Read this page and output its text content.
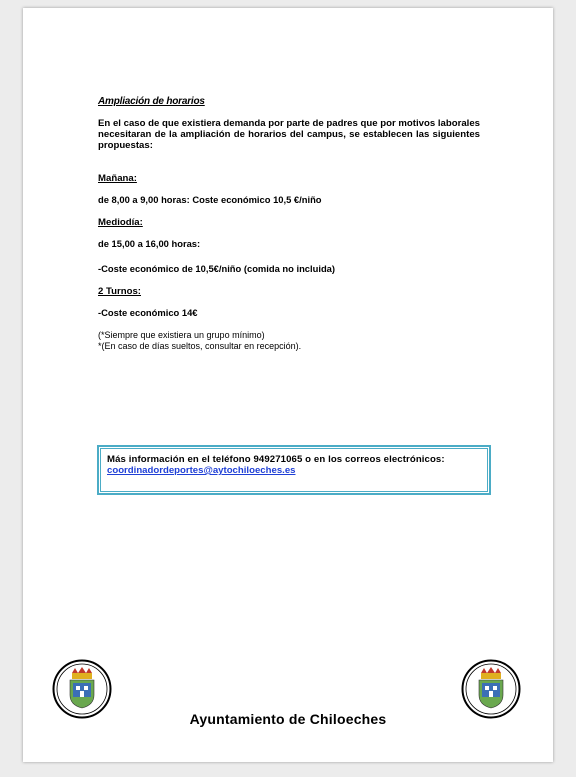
Ampliación de horarios

En el caso de que existiera demanda por parte de padres que por motivos laborales necesitaran de la ampliación de horarios del campus, se establecen las siguientes propuestas:

Mañana:

de 8,00 a 9,00 horas: Coste económico 10,5 €/niño

Mediodía:

de 15,00 a 16,00 horas:

-Coste económico de 10,5€/niño (comida no incluida)

2 Turnos:

-Coste económico 14€

(*Siempre que existiera un grupo mínimo)

*(En caso de días sueltos, consultar en recepción).

Más información en el teléfono 949271065 o en los correos electrónicos:

coordinadordeportes@aytochiloeches.es
Ayuntamiento de Chiloeches
